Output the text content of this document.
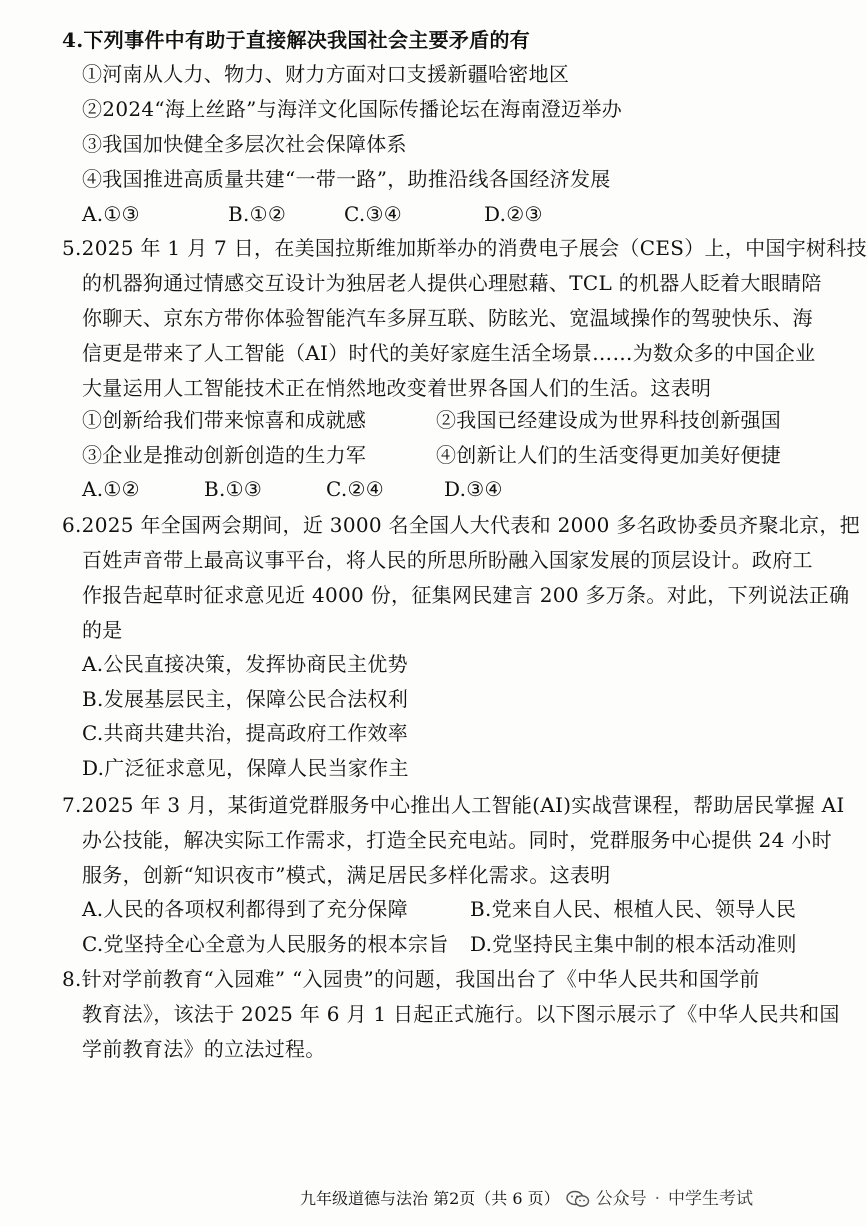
4.下列事件中有助于直接解决我国社会主要矛盾的有
①河南从人力、物力、财力方面对口支援新疆哈密地区
②2024“海上丝路”与海洋文化国际传播论坛在海南澄迈举办
③我国加快健全多层次社会保障体系
④我国推进高质量共建“一带一路”，助推沿线各国经济发展
A.①③	B.①②	C.③④	D.②③
5.2025 年 1 月 7 日，在美国拉斯维加斯举办的消费电子展会（CES）上，中国宇树科技
的机器狗通过情感交互设计为独居老人提供心理慰藉、TCL 的机器人眨着大眼睛陪
你聊天、京东方带你体验智能汽车多屏互联、防眩光、宽温域操作的驾驶快乐、海
信更是带来了人工智能（AI）时代的美好家庭生活全场景……为数众多的中国企业
大量运用人工智能技术正在悄然地改变着世界各国人们的生活。这表明
①创新给我们带来惊喜和成就感	②我国已经建设成为世界科技创新强国
③企业是推动创新创造的生力军	④创新让人们的生活变得更加美好便捷
A.①②	B.①③	C.②④	D.③④
6.2025 年全国两会期间，近 3000 名全国人大代表和 2000 多名政协委员齐聚北京，把
百姓声音带上最高议事平台，将人民的所思所盼融入国家发展的顶层设计。政府工
作报告起草时征求意见近 4000 份，征集网民建言 200 多万条。对此，下列说法正确
的是
A.公民直接决策，发挥协商民主优势
B.发展基层民主，保障公民合法权利
C.共商共建共治，提高政府工作效率
D.广泛征求意见，保障人民当家作主
7.2025 年 3 月，某街道党群服务中心推出人工智能(AI)实战营课程，帮助居民掌握 AI
办公技能，解决实际工作需求，打造全民充电站。同时，党群服务中心提供 24 小时
服务，创新“知识夜市”模式，满足居民多样化需求。这表明
A.人民的各项权利都得到了充分保障	B.党来自人民、根植人民、领导人民
C.党坚持全心全意为人民服务的根本宗旨 D.党坚持民主集中制的根本活动准则
8.针对学前教育“入园难” “入园贵”的问题，我国出台了《中华人民共和国学前
教育法》，该法于 2025 年 6 月 1 日起正式施行。以下图示展示了《中华人民共和国
学前教育法》的立法过程。
九年级道德与法治 第2页（共 6 页） 公众号 · 中学生考试
